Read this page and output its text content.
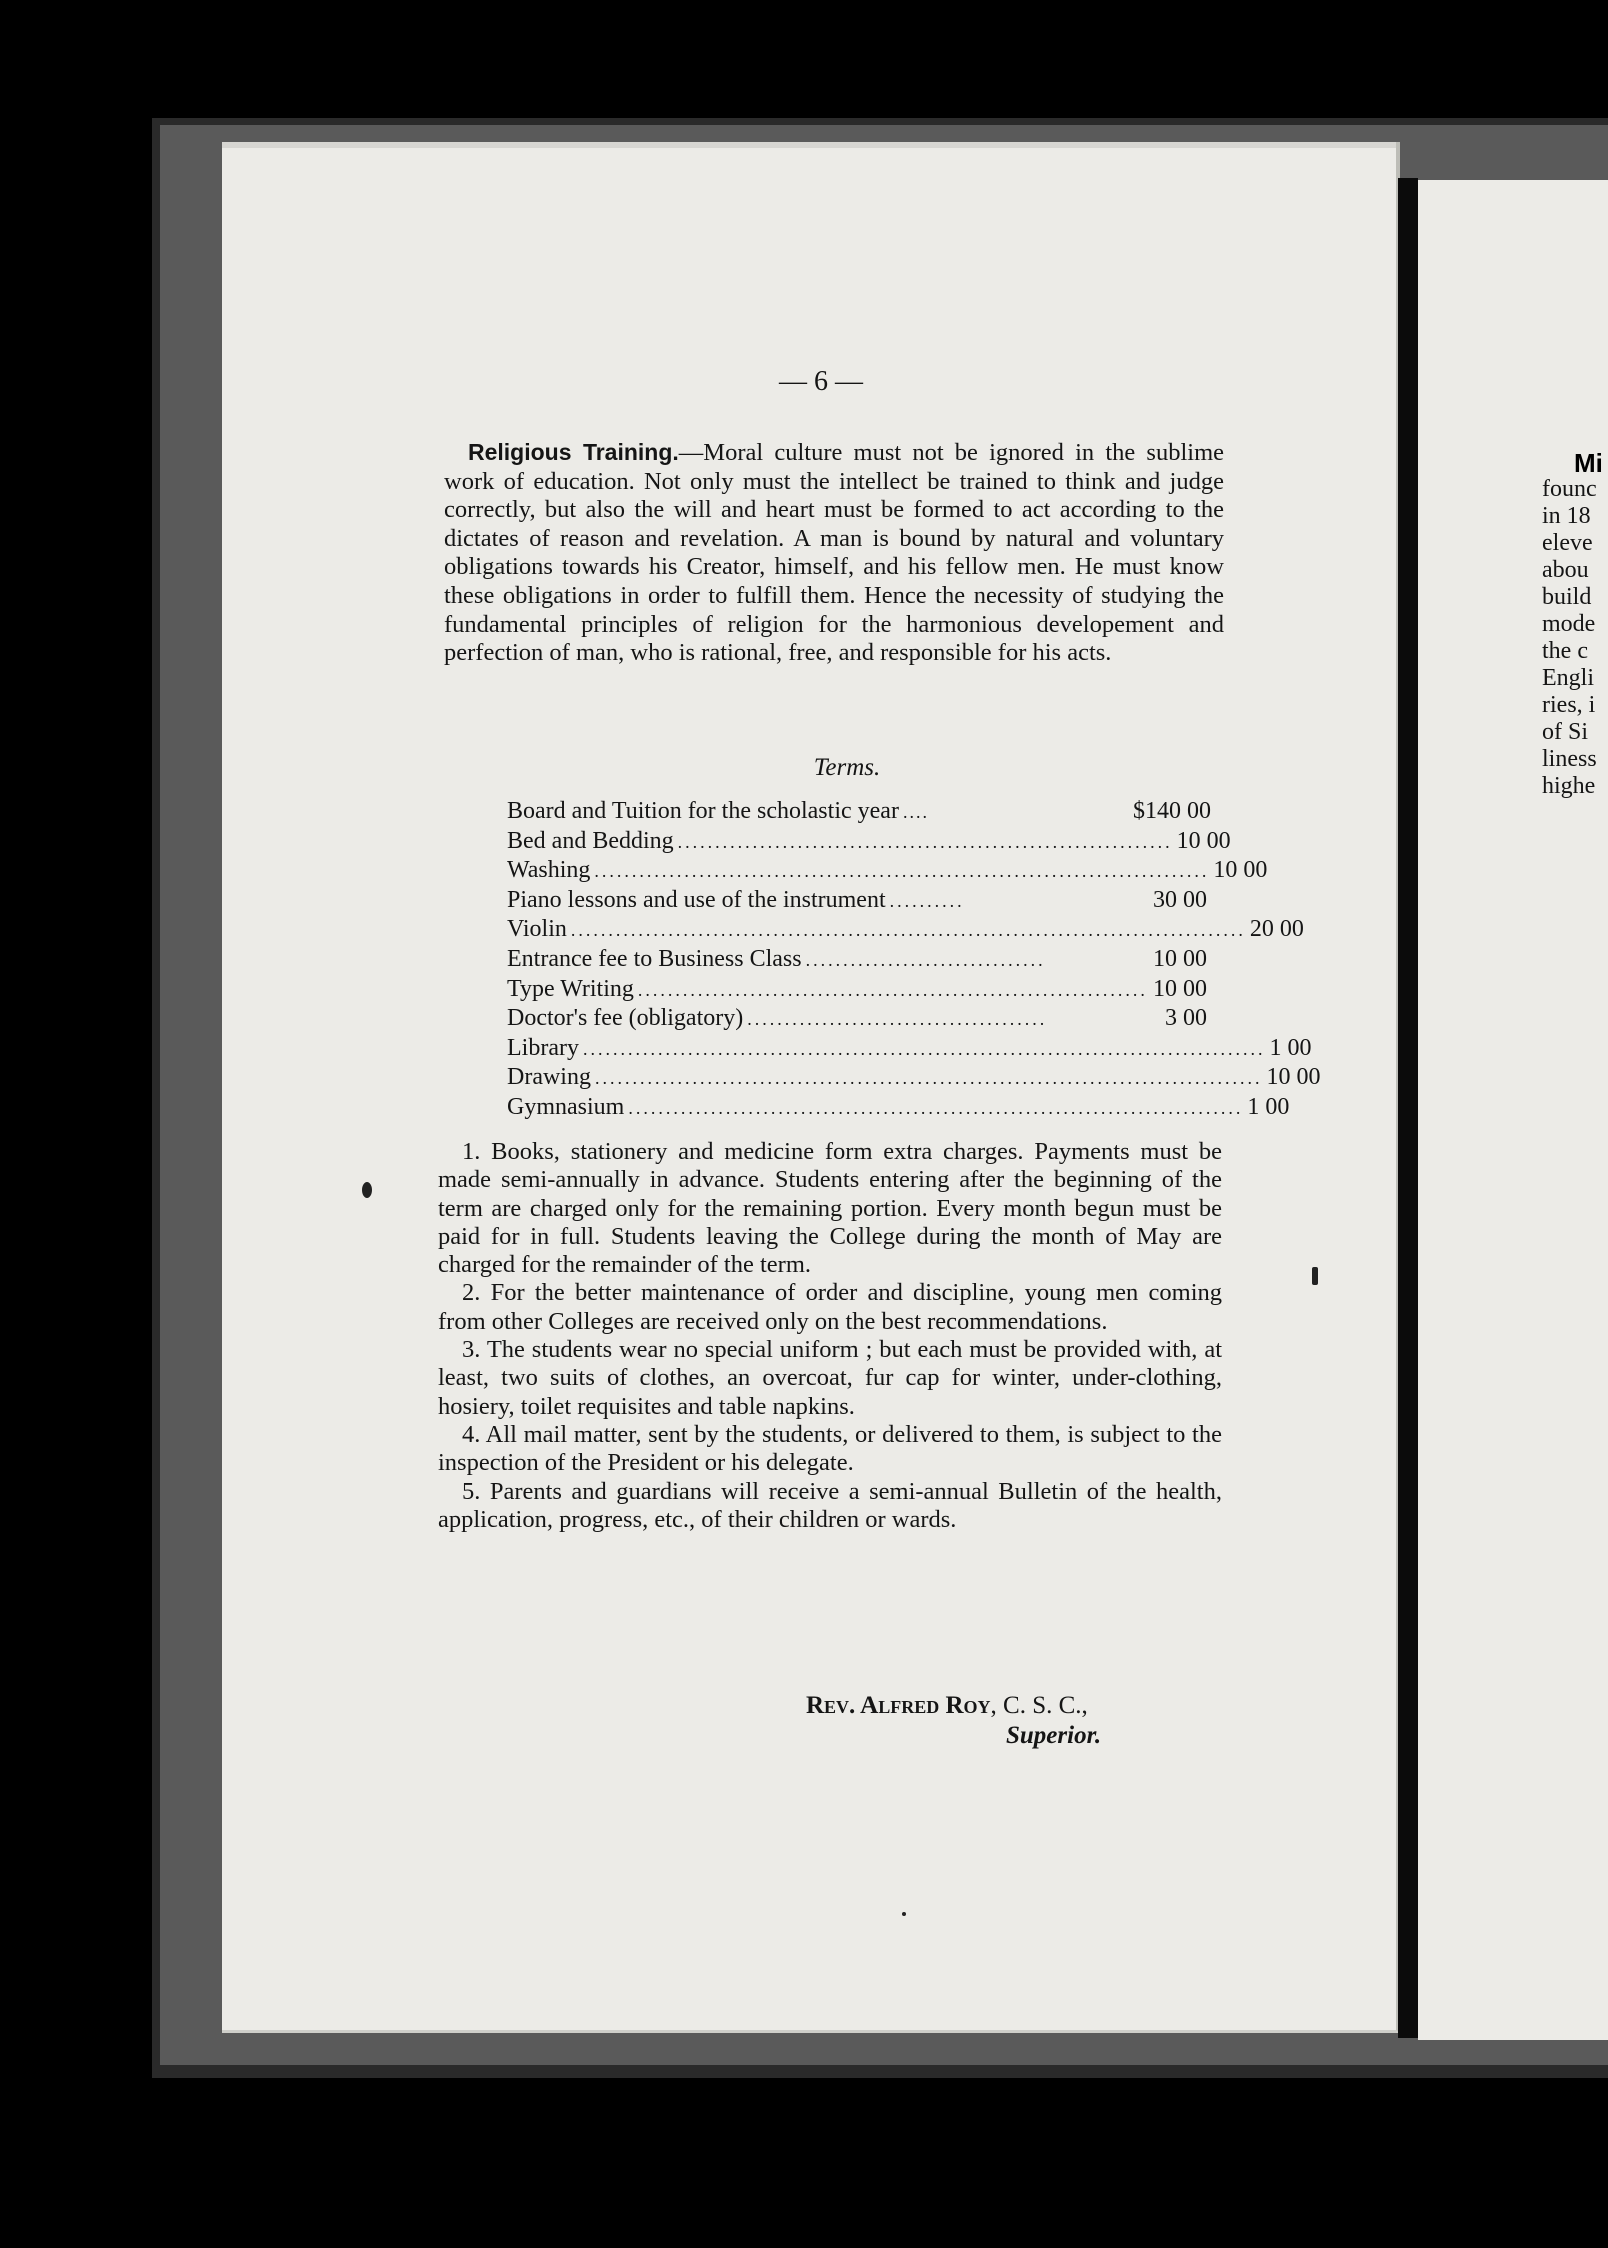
— 6 —
Religious Training.—Moral culture must not be ignored in the sublime work of education. Not only must the intellect be trained to think and judge correctly, but also the will and heart must be formed to act according to the dictates of reason and revelation. A man is bound by natural and voluntary obligations towards his Creator, himself, and his fellow men. He must know these obligations in order to fulfill them. Hence the necessity of studying the fundamental principles of religion for the harmonious developement and perfection of man, who is rational, free, and responsible for his acts.
Terms.
Board and Tuition for the scholastic year ....	$140 00
Bed and Bedding .................................................................. 10 00
Washing .................................................................................. 10 00
Piano lessons and use of the instrument ..........	30 00
Violin .......................................................................................... 20 00
Entrance fee to Business Class ................................	10 00
Type Writing .................................................................... 10 00
Doctor's fee (obligatory) ........................................	3 00
Library ........................................................................................... 1 00
Drawing ......................................................................................... 10 00
Gymnasium .................................................................................. 1 00

1. Books, stationery and medicine form extra charges. Payments must be made semi-annually in advance. Students entering after the beginning of the term are charged only for the remaining portion. Every month begun must be paid for in full. Students leaving the College during the month of May are charged for the remainder of the term.

2. For the better maintenance of order and discipline, young men coming from other Colleges are received only on the best recommendations.

3. The students wear no special uniform ; but each must be provided with, at least, two suits of clothes, an overcoat, fur cap for winter, under-clothing, hosiery, toilet requisites and table napkins.

4. All mail matter, sent by the students, or delivered to them, is subject to the inspection of the President or his delegate.

5. Parents and guardians will receive a semi-annual Bulletin of the health, application, progress, etc., of their children or wards.

Rev. Alfred Roy, C. S. C.,
Superior.
Mi
founc
in 18
eleve
abou
build
mode
the c
Engli
ries, i
of Si
liness
highe
